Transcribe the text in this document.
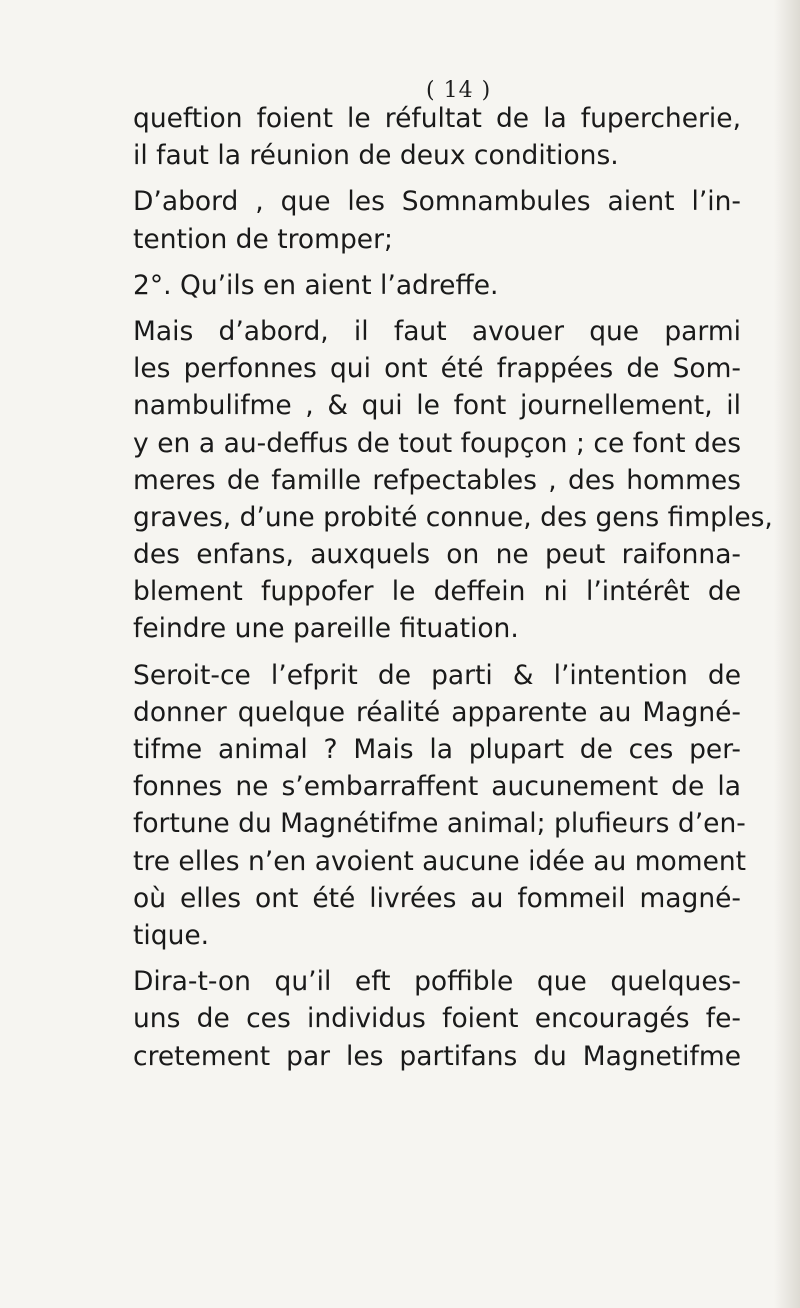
( 14 )
queftion foient le réfultat de la fupercherie,
il faut la réunion de deux conditions.
D’abord , que les Somnambules aient l’in-
tention de tromper;
2°. Qu’ils en aient l’adreffe.
Mais d’abord, il faut avouer que parmi
les perfonnes qui ont été frappées de Som-
nambulifme , & qui le font journellement, il
y en a au-deffus de tout foupçon ; ce font des
meres de famille refpectables , des hommes
graves, d’une probité connue, des gens fimples,
des enfans, auxquels on ne peut raifonna-
blement fuppofer le deffein ni l’intérêt de
feindre une pareille fituation.
Seroit-ce l’efprit de parti & l’intention de
donner quelque réalité apparente au Magné-
tifme animal ? Mais la plupart de ces per-
fonnes ne s’embarraffent aucunement de la
fortune du Magnétifme animal; plufieurs d’en-
tre elles n’en avoient aucune idée au moment
où elles ont été livrées au fommeil magné-
tique.
Dira-t-on qu’il eft poffible que quelques-
uns de ces individus foient encouragés fe-
cretement par les partifans du Magnetifme
